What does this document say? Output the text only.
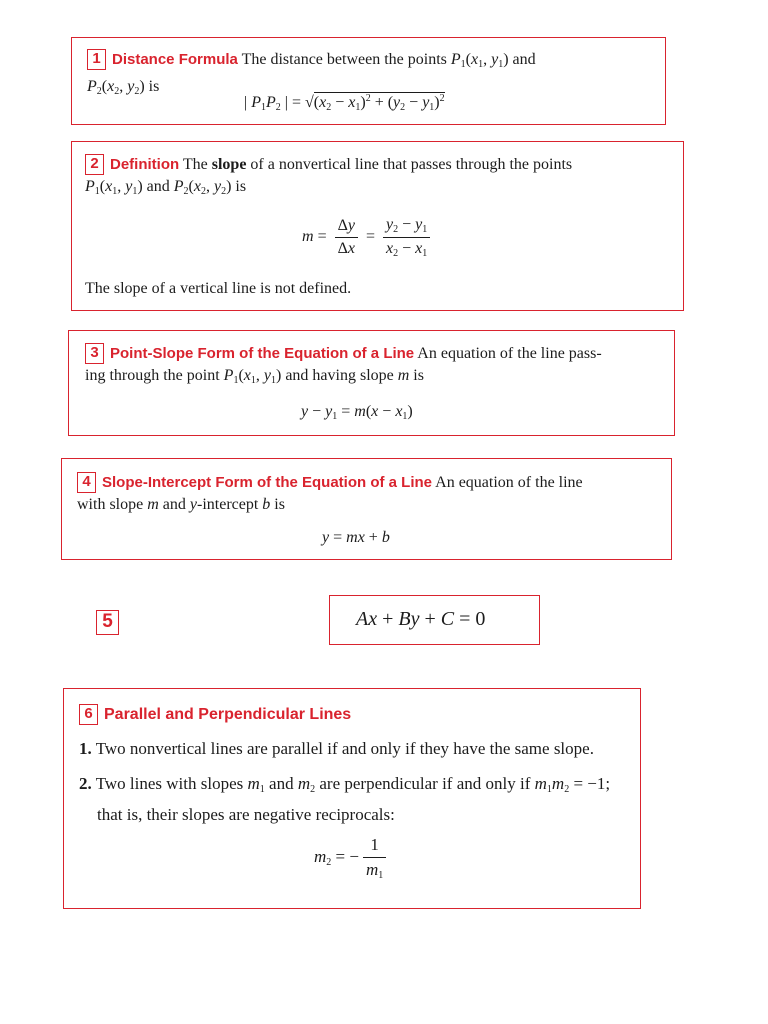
1 Distance Formula The distance between the points $P_1(x_1$, $y_1$) and
$P_2(x_2$, $y_2$) is
| $P_1P_2$ | = $√(x_2 - x_1)^2 + (y_2 - y_1)^2$
2 Definition The slope of a nonvertical line that passes through the points
$P_1(x_1$, $y_1$) and $P_2(x_2$, $y_2$) is
$m = \frac{\Delta y}{\Delta x} = \frac{y_2 - y_1}{x_2 - x_1}$
The slope of a vertical line is not defined.
3 Point-Slope Form of the Equation of a Line An equation of the line pass-
ing through the point $P_1(x_1$, $y_1$) and having slope m is
$y - y_1 = m(x - x_1)$
4 Slope-Intercept Form of the Equation of a Line An equation of the line
with slope m and y-intercept b is
y = mx + b
5	Ax + By + C = 0
6 Parallel and Perpendicular Lines
1. Two nonvertical lines are parallel if and only if they have the same slope.
2. Two lines with slopes $m_1$ and $m_2$ are perpendicular if and only if $m_1m_2 = -1$;
that is, their slopes are negative reciprocals:
$m_2$ = − $\frac{1}{m_1}$
